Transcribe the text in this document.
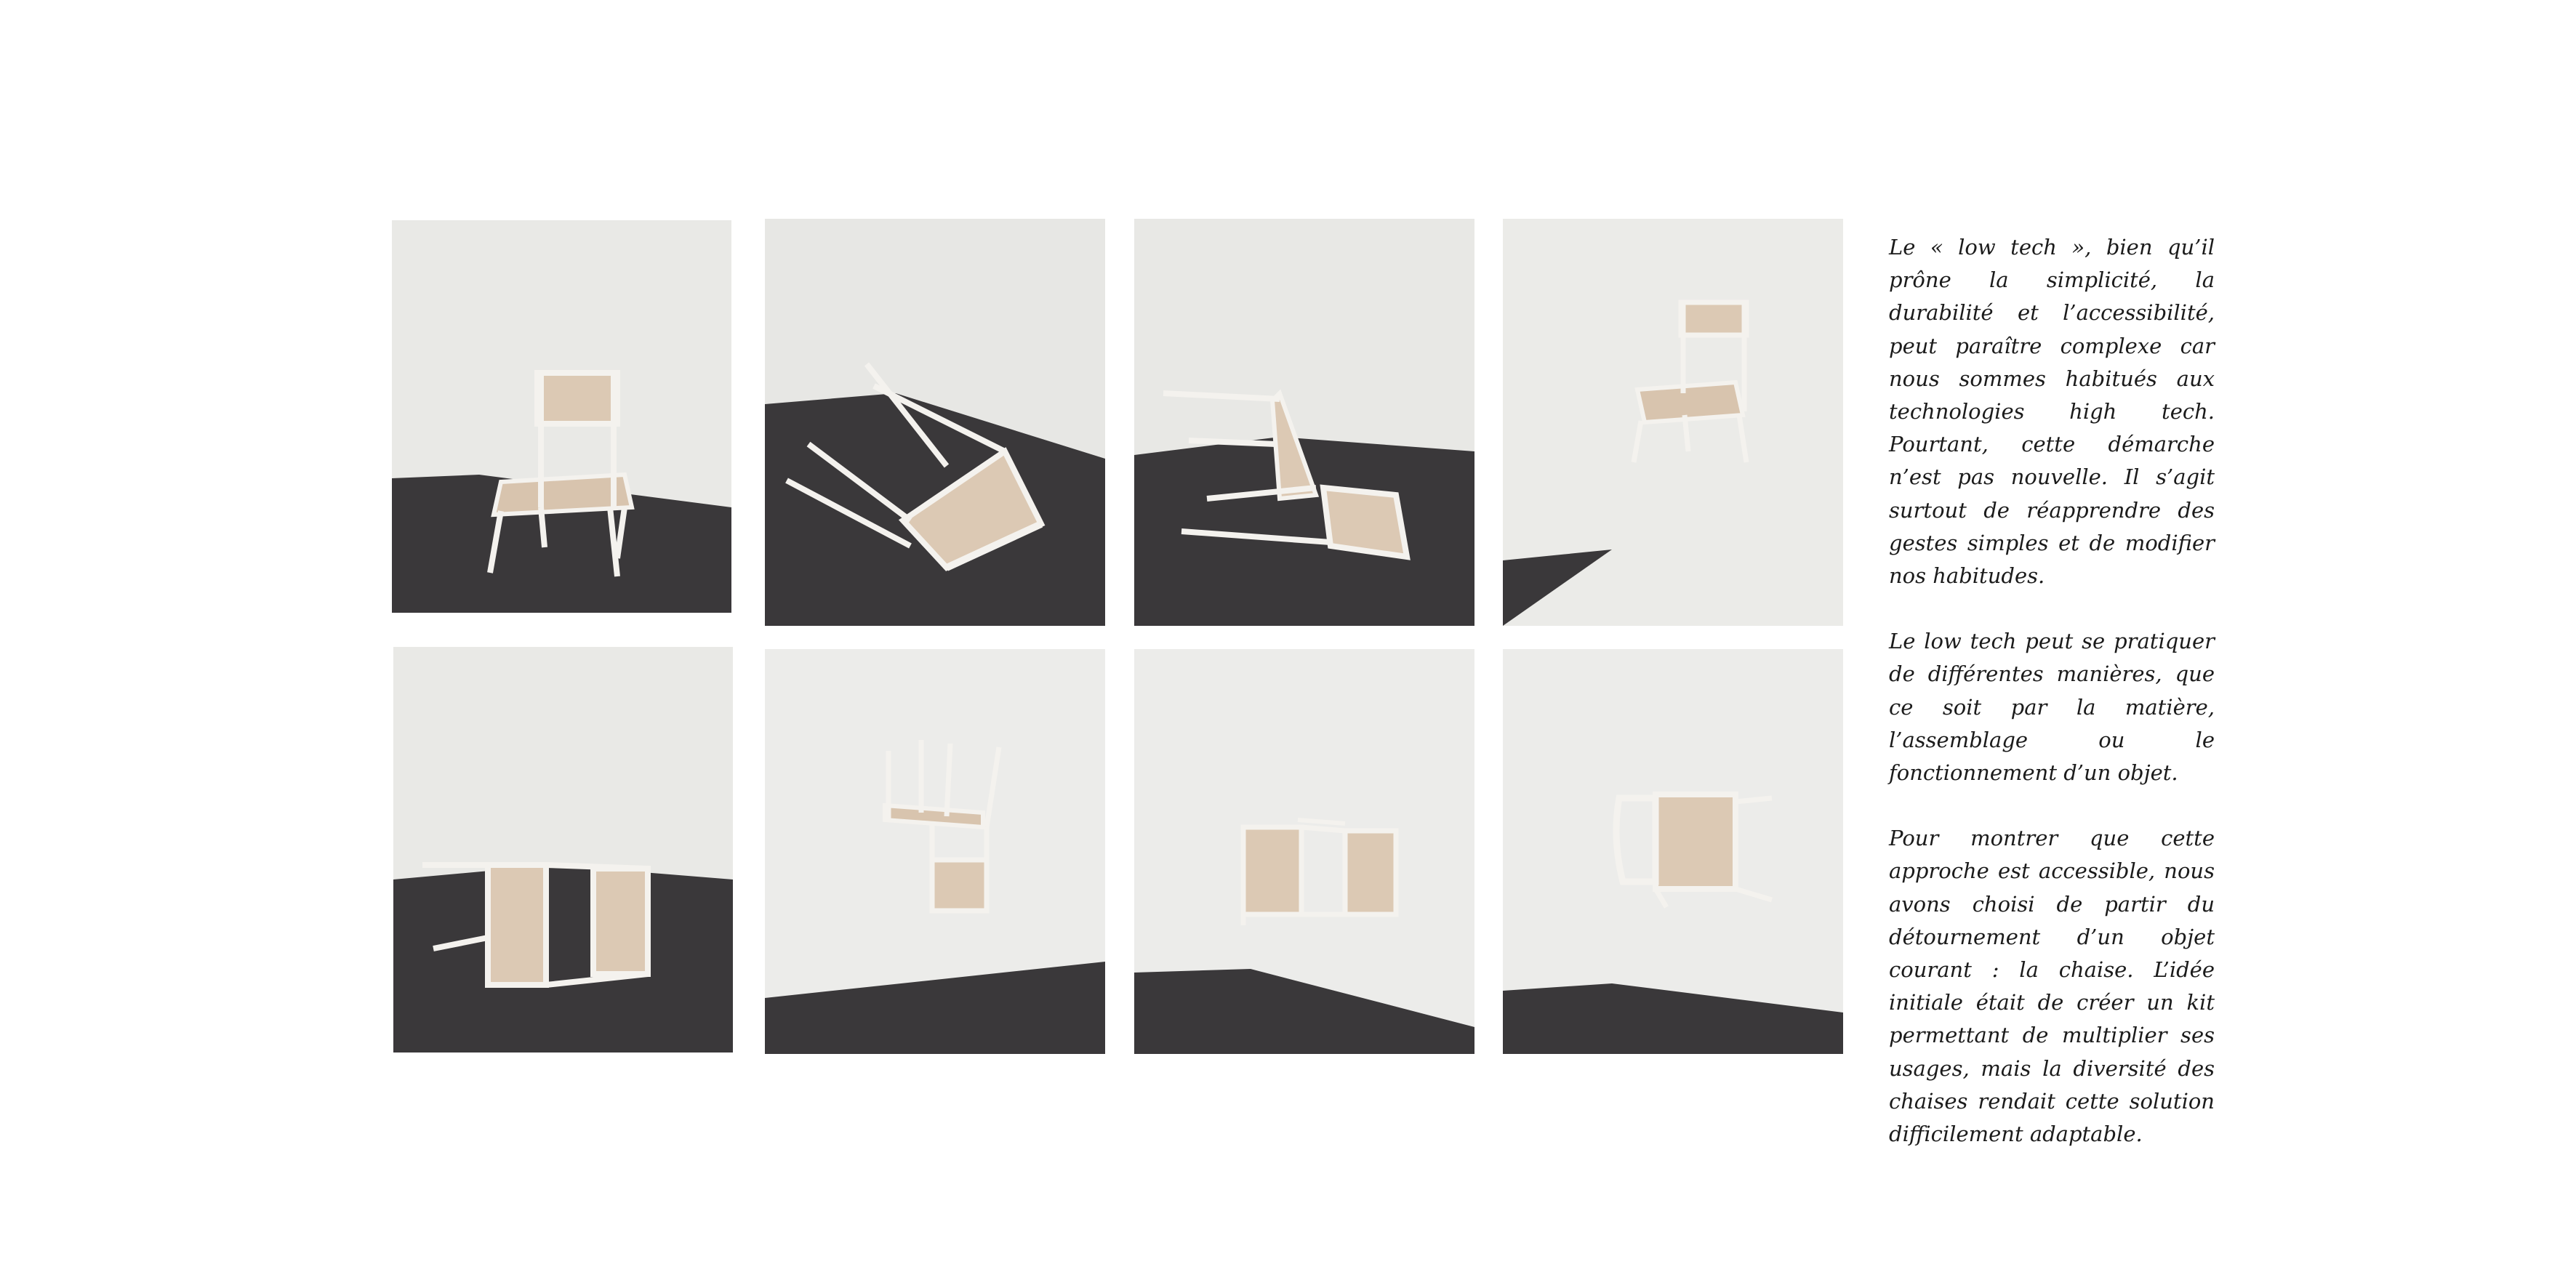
Le « low tech », bien qu’il prône la simplicité, la durabilité et l’accessibilité, peut paraître complexe car nous sommes habitués aux technologies high tech. Pourtant, cette démarche n’est pas nouvelle. Il s’agit surtout de réapprendre des gestes simples et de modifier nos habitudes.

Le low tech peut se pratiquer de différentes manières, que ce soit par la matière, l’assemblage ou le fonctionnement d’un objet.

Pour montrer que cette approche est accessible, nous avons choisi de partir du détournement d’un objet courant : la chaise. L’idée initiale était de créer un kit permettant de multiplier ses usages, mais la diversité des chaises rendait cette solution difficilement adaptable.
